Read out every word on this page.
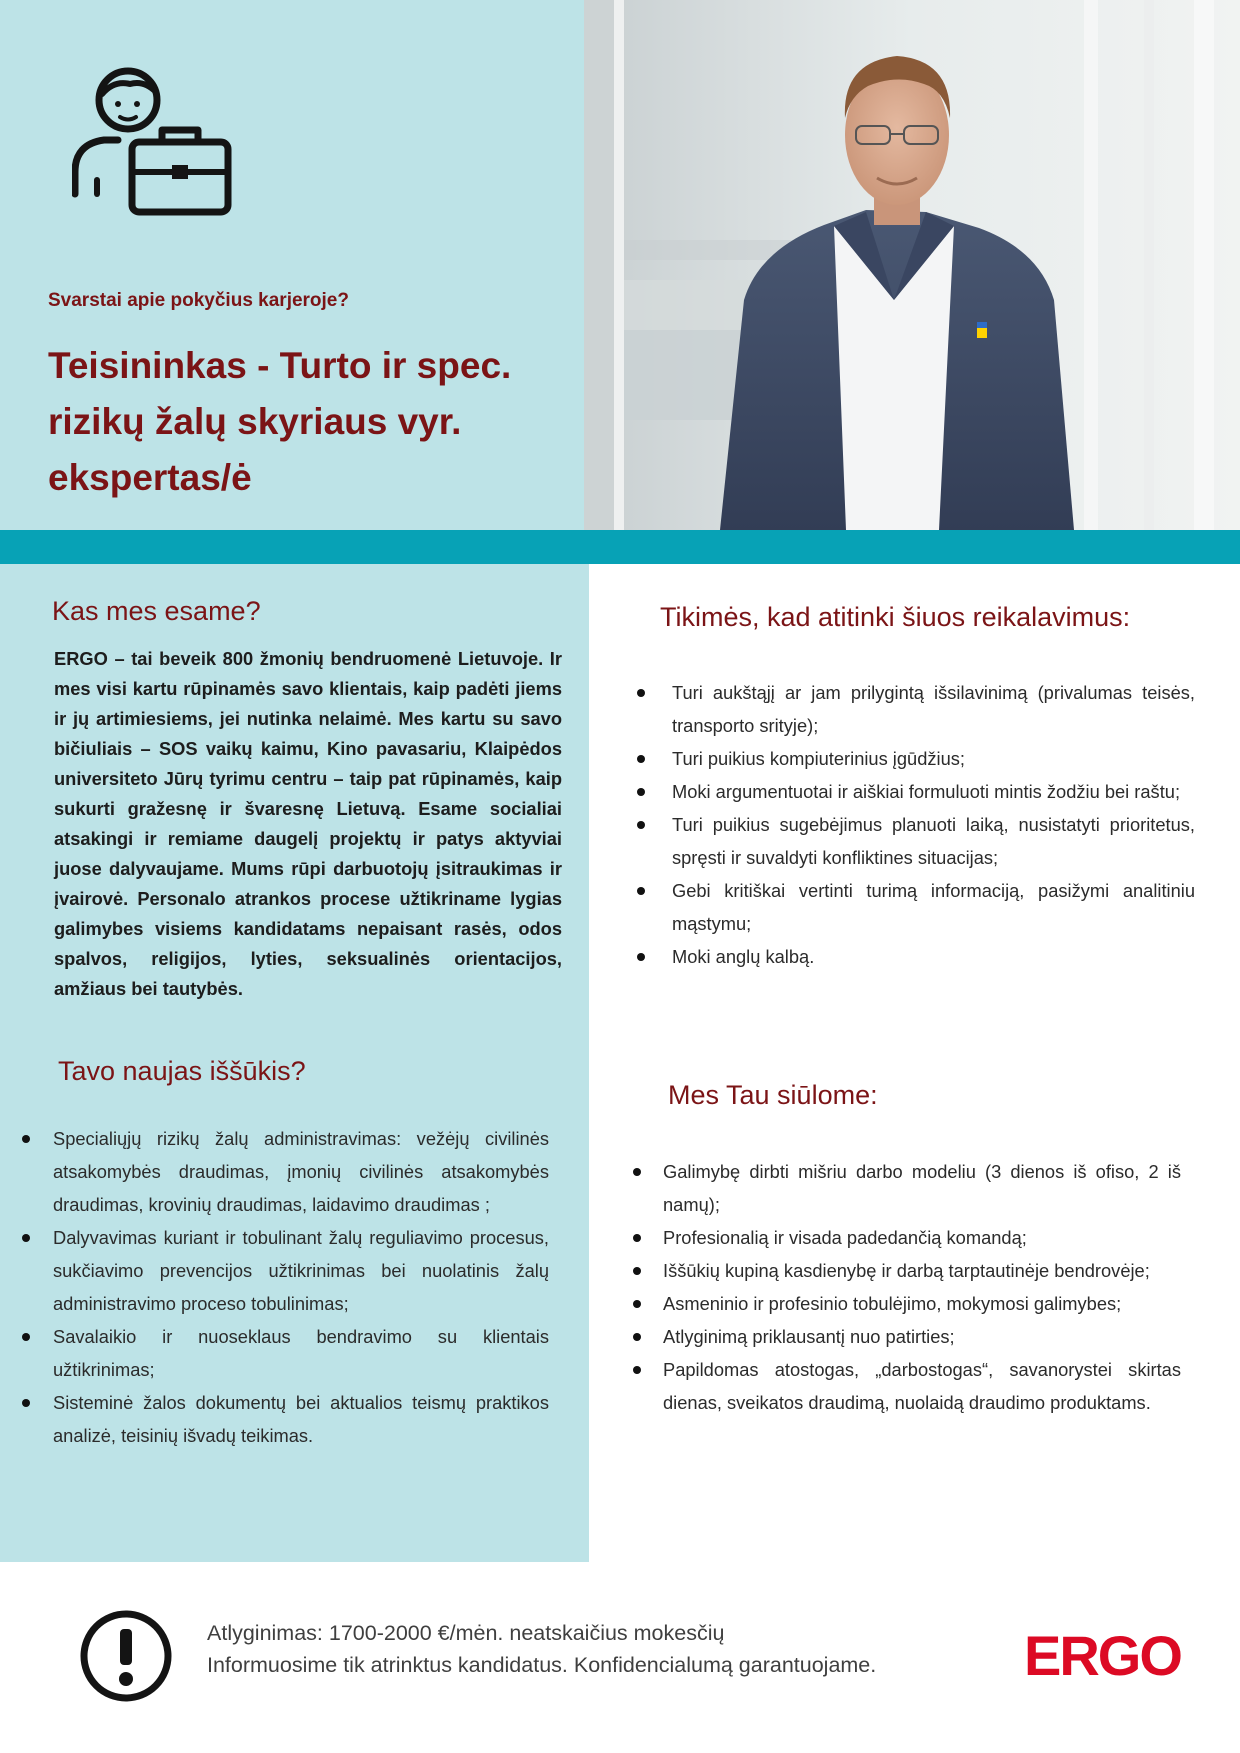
Svarstai apie pokyčius karjeroje?
Teisininkas - Turto ir spec. rizikų žalų skyriaus vyr. ekspertas/ė
Kas mes esame?

ERGO – tai beveik 800 žmonių bendruomenė Lietuvoje. Ir mes visi kartu rūpinamės savo klientais, kaip padėti jiems ir jų artimiesiems, jei nutinka nelaimė. Mes kartu su savo bičiuliais – SOS vaikų kaimu, Kino pavasariu, Klaipėdos universiteto Jūrų tyrimu centru – taip pat rūpinamės, kaip sukurti gražesnę ir švaresnę Lietuvą. Esame socialiai atsakingi ir remiame daugelį projektų ir patys aktyviai juose dalyvaujame. Mums rūpi darbuotojų įsitraukimas ir įvairovė. Personalo atrankos procese užtikriname lygias galimybes visiems kandidatams nepaisant rasės, odos spalvos, religijos, lyties, seksualinės orientacijos, amžiaus bei tautybės.

Tavo naujas iššūkis?
Specialiųjų rizikų žalų administravimas: vežėjų civilinės atsakomybės draudimas, įmonių civilinės atsakomybės draudimas, krovinių draudimas, laidavimo draudimas ;
Dalyvavimas kuriant ir tobulinant žalų reguliavimo procesus, sukčiavimo prevencijos užtikrinimas bei nuolatinis žalų administravimo proceso tobulinimas;
Savalaikio ir nuoseklaus bendravimo su klientais užtikrinimas;
Sisteminė žalos dokumentų bei aktualios teismų praktikos analizė, teisinių išvadų teikimas.
Tikimės, kad atitinki šiuos reikalavimus:
Turi aukštąjį ar jam prilygintą išsilavinimą (privalumas teisės, transporto srityje);
Turi puikius kompiuterinius įgūdžius;
Moki argumentuotai ir aiškiai formuluoti mintis žodžiu bei raštu;
Turi puikius sugebėjimus planuoti laiką, nusistatyti prioritetus, spręsti ir suvaldyti konfliktines situacijas;
Gebi kritiškai vertinti turimą informaciją, pasižymi analitiniu mąstymu;
Moki anglų kalbą.
Mes Tau siūlome:
Galimybę dirbti mišriu darbo modeliu (3 dienos iš ofiso, 2 iš namų);
Profesionalią ir visada padedančią komandą;
Iššūkių kupiną kasdienybę ir darbą tarptautinėje bendrovėje;
Asmeninio ir profesinio tobulėjimo, mokymosi galimybes;
Atlyginimą priklausantį nuo patirties;
Papildomas atostogas, „darbostogas“, savanorystei skirtas dienas, sveikatos draudimą, nuolaidą draudimo produktams.
Atlyginimas: 1700-2000 €/mėn. neatskaičius mokesčių
Informuosime tik atrinktus kandidatus. Konfidencialumą garantuojame.	ERGO
